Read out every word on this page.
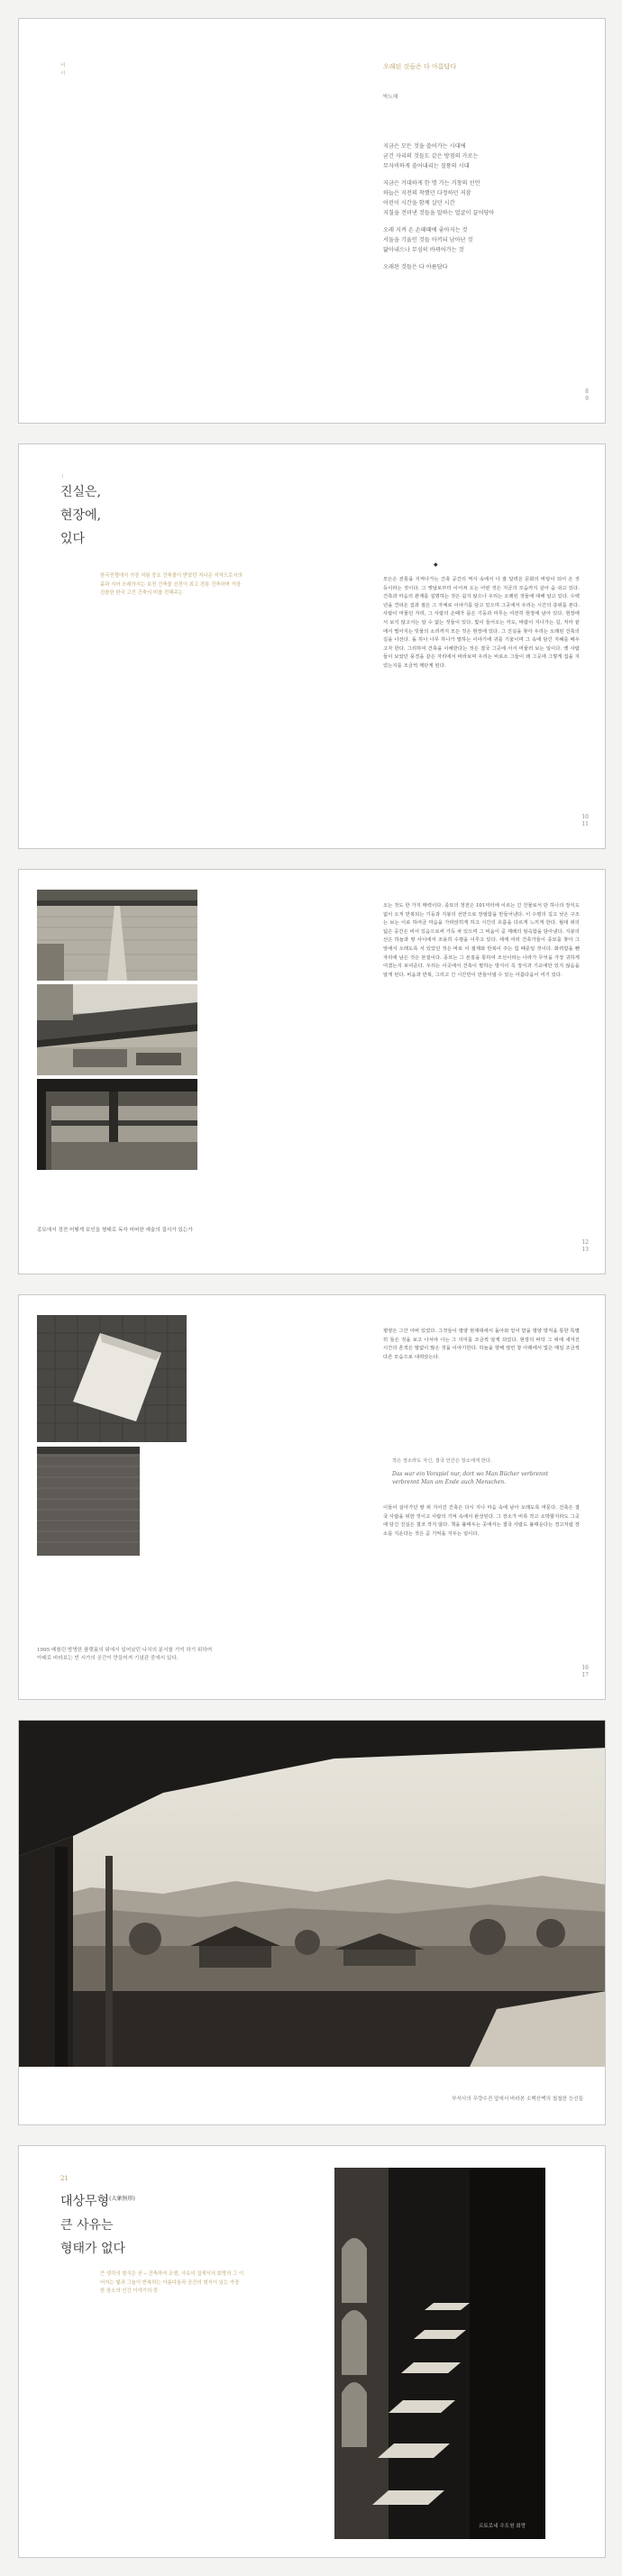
서
시
오래된 것들은 다 아름답다
박노해
지금은 모든 것을 쓸어가는 시대에
굳건 자리의 것들도 같은 방점의 가로는
무자비하게 쓸어내리는 질풍의 시대
지금은 거대하게 한 명 가는 거창의 선언
하늘은 지전의 착했던 다정하던 저잠
어린이 시간을 함께 살던 시간
지칠을 견뎌낸 것들을 말하는 얼굴이 끌어당아
오래 지켜 온 손때때에 좋아지는 것
서둘을 기울인 것들 아끼되 남아난 것
닮아내으나 무심히 바뀌어가는 것
오래된 것들은 다 아름답다
8
9
ㅣ
진실은,
현장에,
있다
한국전쟁에서 가장 처참 중요 건축물이 받았던 지나온 지역으로서의 흙과 지어 오래가지는 보전 건축물 신전이 최고 전통 건축하며 가장 진솔한 한국 고건 건축의 미를 전해주는
◆
모든은 전통을 지켜나가는 건축 공간의 역사 속에서 나 잘 달려온 문화의 바탕이 되어 온 것 등이라는 것이다. 그 옛날로부터 이어져 오는 어떤 것은 지금의 모습까지 살아 숨 쉬고 있다. 건축과 마음의 관계를 설명하는 것은 쉽지 않으나 우리는 오래된 것들에 대해 알고 있다. 수백 년을 견뎌온 집과 절은 그 자체로 이야기를 담고 있으며 그곳에서 우리는 시간의 층위를 본다. 사람이 머물던 자리, 그 사람의 손때가 묻은 기둥과 마루는 여전히 현장에 남아 있다. 현장에 서 보지 않고서는 알 수 없는 것들이 있다. 빛이 들어오는 각도, 바람이 지나가는 길, 처마 끝에서 떨어지는 빗물의 소리까지 모든 것은 현장에 있다. 그 진실을 찾아 우리는 오래된 건축의 길을 나선다. 돌 하나 나무 하나가 말하는 이야기에 귀를 기울이며 그 속에 담긴 지혜를 배우고자 한다. 그리하여 건축을 이해한다는 것은 결국 그곳에 서서 머물러 보는 일이다. 옛 사람들이 보았던 풍경을 같은 자리에서 바라보며 우리는 비로소 그들이 왜 그곳에 그렇게 집을 지었는지를 조금씩 깨닫게 된다.
10
11
종묘에서 정전 어떻게 보인을 형태로 독자 어떠한 예술의 질서가 있는가
오는 것도 한 가지 매력이다. 종묘의 정전은 101미터에 이르는 긴 건물로서 단 하나의 장식도 없이 오직 반복되는 기둥과 지붕의 선만으로 장엄함을 만들어낸다. 이 수평의 길고 낮은 구조는 보는 이로 하여금 마음을 가라앉히게 하고 시간의 흐름을 다르게 느끼게 한다. 월대 위의 넓은 공간은 비어 있음으로써 가득 차 있으며 그 비움이 곧 제례의 엄숙함을 담아낸다. 지붕의 선은 하늘과 땅 사이에서 조용히 수평을 이루고 있다. 세계 여러 건축가들이 종묘를 찾아 그 앞에서 오래도록 서 있었던 것은 바로 이 절제와 반복이 주는 힘 때문일 것이다. 화려함을 뺀 자리에 남은 것은 본질이다. 종묘는 그 본질을 통하여 조선이라는 나라가 무엇을 가장 귀하게 여겼는지 보여준다. 우리는 이곳에서 건축이 말하는 방식이 꼭 장식과 기교에만 있지 않음을 알게 된다. 비움과 반복, 그리고 긴 시간만이 만들어낼 수 있는 아름다움이 여기 있다.
12
13
1995 베를린 밤명한 플랫폼의 위에서 일어났던 나치의 분서를 기억 하기 위하여 아래로 바라보는 빈 서가의 공간이 만들어져 기념관 중에서 있다.
평양은 그간 아버 있었다. 그것들이 평양 현재대에서 돌아와 얻어 받을 평양 방직을 통한 특별히 들은 것을 보고 나서야 나는 그 의미를 조금씩 알게 되었다. 현장의 바닥 그 위에 새겨진 시간의 흔적은 말없이 많은 것을 이야기한다. 하늘을 향해 열린 창 아래에서 빛은 매일 조금씩 다른 모습으로 내려앉는다.
작은 장소라도 자신, 결국 인간은 장소에게 한다.
Das war ein Vorspiel nur, dort wo Man Bücher verbrennt verbrennt Man am Ende auch Menschen.
이들이 살아가던 땅 위 지어진 건축은 다시 지나 마음 속에 남아 오래도록 머문다. 건축은 결국 사람을 위한 것이고 사람의 기억 속에서 완성된다. 그 장소가 비록 작고 소박할지라도 그곳에 담긴 진실은 결코 작지 않다. 책을 불태우는 곳에서는 결국 사람도 불태운다는 경고처럼 장소를 지운다는 것은 곧 기억을 지우는 일이다.
16
17
부석사의 무량수전 앞에서 바라본 소백산맥의 첩첩한 능선들
21
대상무형$^{(大象無形)}$
큰 사유는
형태가 없다
큰 생각의 형식은 곧 ─ 건축하여 조형, 사유의 집에서의 회랑의 그 이어지는 빛과 그늘이 반복하는 아름다움과 공간의 형식이 있는 가장 한 장소의 인간 이야기의 중
르토로네 수도원 회랑
